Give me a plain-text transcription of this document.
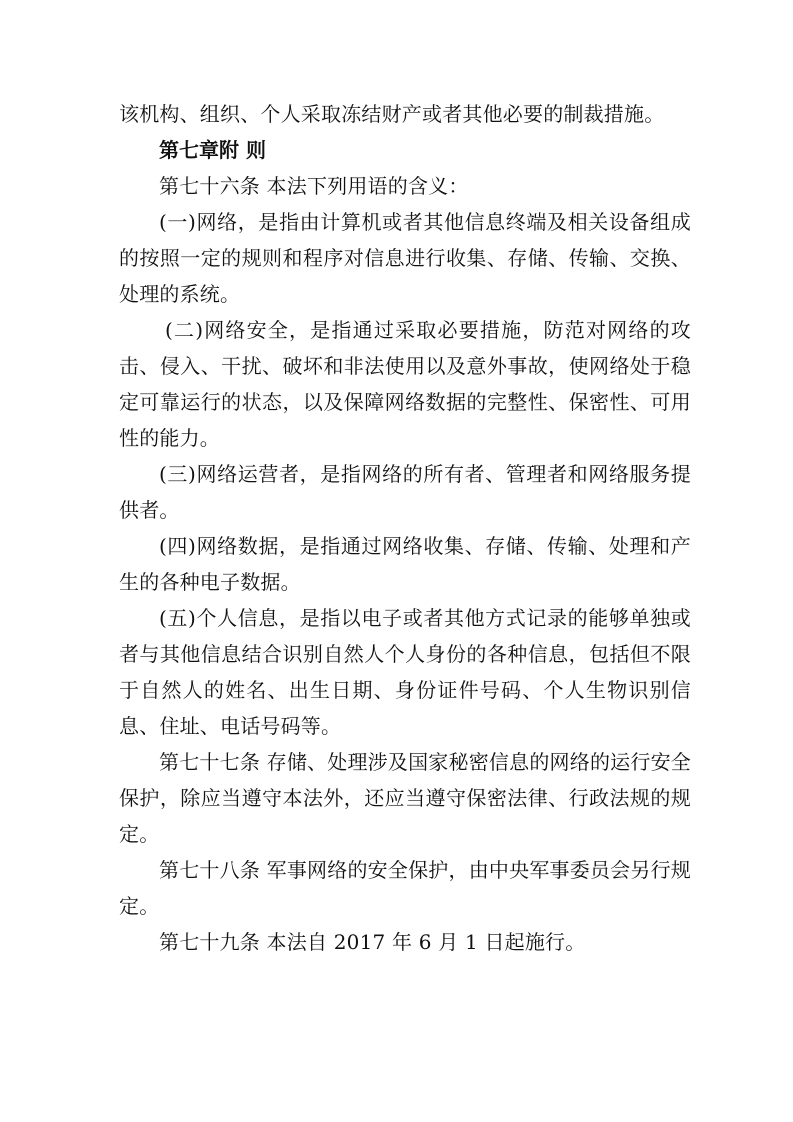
该机构、组织、个人采取冻结财产或者其他必要的制裁措施。

第七章附 则

第七十六条 本法下列用语的含义：

(一)网络，是指由计算机或者其他信息终端及相关设备组成的按照一定的规则和程序对信息进行收集、存储、传输、交换、处理的系统。

(二)网络安全，是指通过采取必要措施，防范对网络的攻击、侵入、干扰、破坏和非法使用以及意外事故，使网络处于稳定可靠运行的状态，以及保障网络数据的完整性、保密性、可用性的能力。

(三)网络运营者，是指网络的所有者、管理者和网络服务提供者。

(四)网络数据，是指通过网络收集、存储、传输、处理和产生的各种电子数据。

(五)个人信息，是指以电子或者其他方式记录的能够单独或者与其他信息结合识别自然人个人身份的各种信息，包括但不限于自然人的姓名、出生日期、身份证件号码、个人生物识别信息、住址、电话号码等。

第七十七条 存储、处理涉及国家秘密信息的网络的运行安全保护，除应当遵守本法外，还应当遵守保密法律、行政法规的规定。

第七十八条 军事网络的安全保护，由中央军事委员会另行规定。

第七十九条 本法自 2017 年 6 月 1 日起施行。
